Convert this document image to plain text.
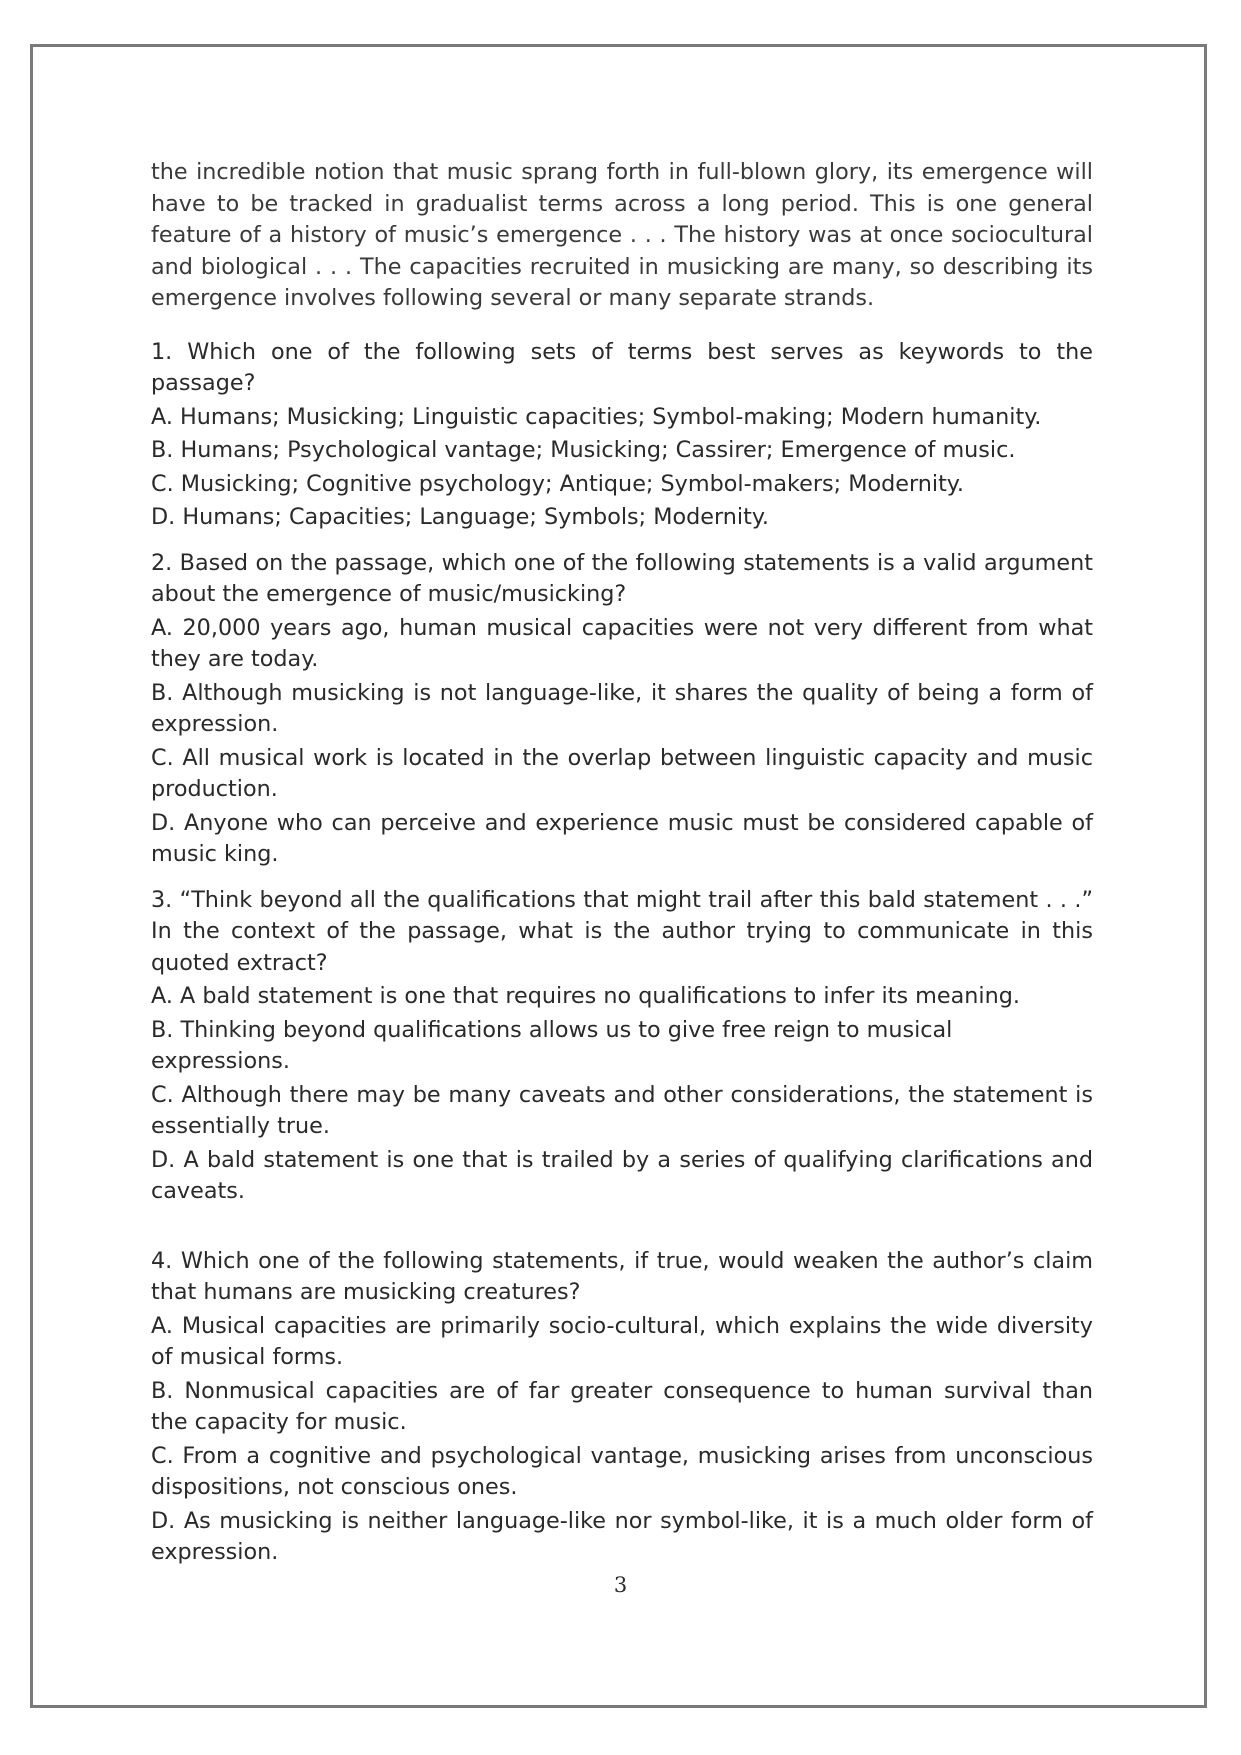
the incredible notion that music sprang forth in full-blown glory, its emergence will have to be tracked in gradualist terms across a long period. This is one general feature of a history of music’s emergence . . . The history was at once sociocultural and biological . . . The capacities recruited in musicking are many, so describing its emergence involves following several or many separate strands.

1. Which one of the following sets of terms best serves as keywords to the passage?

A. Humans; Musicking; Linguistic capacities; Symbol-making; Modern humanity.

B. Humans; Psychological vantage; Musicking; Cassirer; Emergence of music.

C. Musicking; Cognitive psychology; Antique; Symbol-makers; Modernity.

D. Humans; Capacities; Language; Symbols; Modernity.

2. Based on the passage, which one of the following statements is a valid argument about the emergence of music/musicking?

A. 20,000 years ago, human musical capacities were not very different from what they are today.

B. Although musicking is not language-like, it shares the quality of being a form of expression.

C. All musical work is located in the overlap between linguistic capacity and music production.

D. Anyone who can perceive and experience music must be considered capable of music king.

3. “Think beyond all the qualifications that might trail after this bald statement . . .” In the context of the passage, what is the author trying to communicate in this quoted extract?

A. A bald statement is one that requires no qualifications to infer its meaning.

B. Thinking beyond qualifications allows us to give free reign to musical expressions.

C. Although there may be many caveats and other considerations, the statement is essentially true.

D. A bald statement is one that is trailed by a series of qualifying clarifications and caveats.

4. Which one of the following statements, if true, would weaken the author’s claim that humans are musicking creatures?

A. Musical capacities are primarily socio-cultural, which explains the wide diversity of musical forms.

B. Nonmusical capacities are of far greater consequence to human survival than the capacity for music.

C. From a cognitive and psychological vantage, musicking arises from unconscious dispositions, not conscious ones.

D. As musicking is neither language-like nor symbol-like, it is a much older form of expression.

3
